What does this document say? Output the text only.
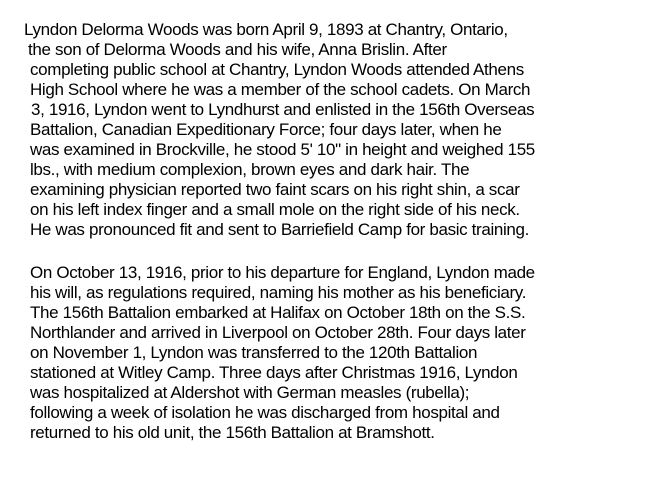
Lyndon Delorma Woods was born April 9, 1893 at Chantry, Ontario,
the son of Delorma Woods and his wife, Anna Brislin. After
completing public school at Chantry, Lyndon Woods attended Athens
High School where he was a member of the school cadets. On March
3, 1916, Lyndon went to Lyndhurst and enlisted in the 156th Overseas
Battalion, Canadian Expeditionary Force; four days later, when he
was examined in Brockville, he stood 5' 10" in height and weighed 155
lbs., with medium complexion, brown eyes and dark hair. The
examining physician reported two faint scars on his right shin, a scar
on his left index finger and a small mole on the right side of his neck.
He was pronounced fit and sent to Barriefield Camp for basic training.
On October 13, 1916, prior to his departure for England, Lyndon made
his will, as regulations required, naming his mother as his beneficiary.
The 156th Battalion embarked at Halifax on October 18th on the S.S.
Northlander and arrived in Liverpool on October 28th. Four days later
on November 1, Lyndon was transferred to the 120th Battalion
stationed at Witley Camp. Three days after Christmas 1916, Lyndon
was hospitalized at Aldershot with German measles (rubella);
following a week of isolation he was discharged from hospital and
returned to his old unit, the 156th Battalion at Bramshott.
